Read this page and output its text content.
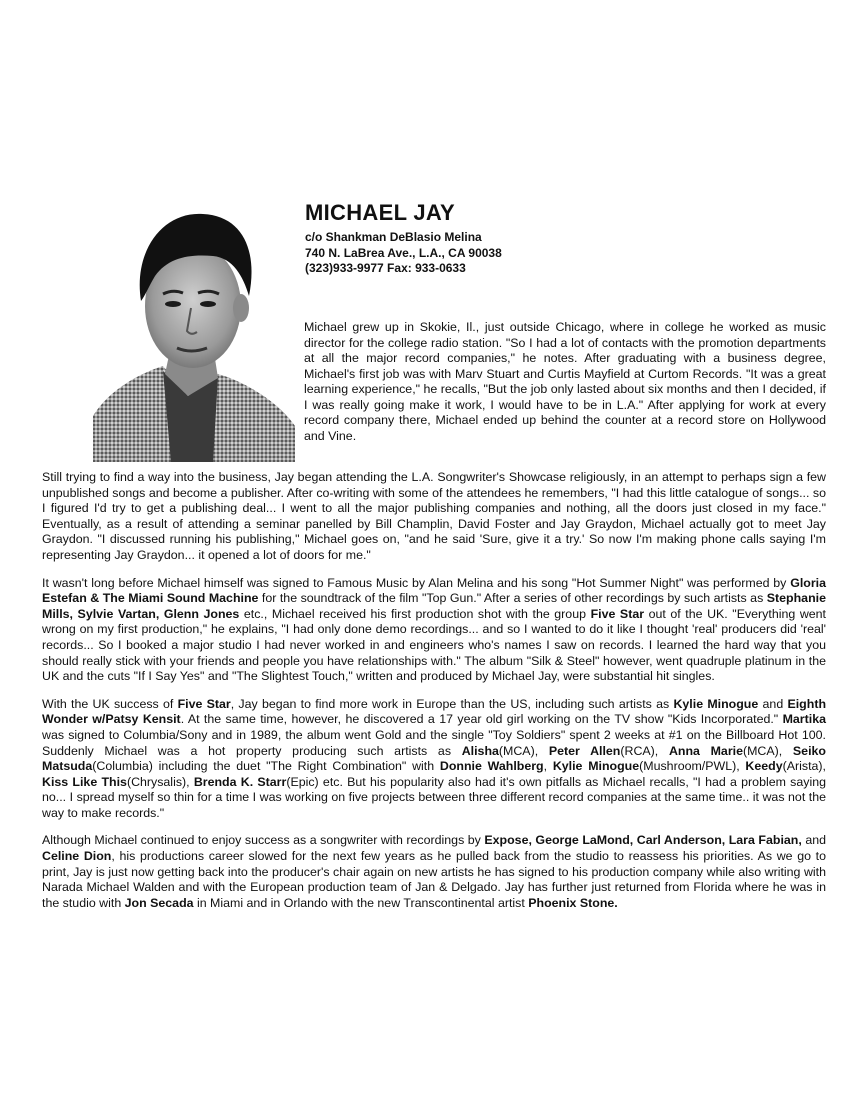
MICHAEL JAY
c/o Shankman DeBlasio Melina
740 N. LaBrea Ave., L.A., CA 90038
(323)933-9977 Fax: 933-0633
Michael grew up in Skokie, Il., just outside Chicago, where in college he worked as music director for the college radio station. "So I had a lot of contacts with the promotion departments at all the major record companies," he notes. After graduating with a business degree, Michael's first job was with Marv Stuart and Curtis Mayfield at Curtom Records. "It was a great learning experience," he recalls, "But the job only lasted about six months and then I decided, if I was really going make it work, I would have to be in L.A." After applying for work at every record company there, Michael ended up behind the counter at a record store on Hollywood and Vine.

Still trying to find a way into the business, Jay began attending the L.A. Songwriter's Showcase religiously, in an attempt to perhaps sign a few unpublished songs and become a publisher. After co-writing with some of the attendees he remembers, "I had this little catalogue of songs... so I figured I'd try to get a publishing deal... I went to all the major publishing companies and nothing, all the doors just closed in my face." Eventually, as a result of attending a seminar panelled by Bill Champlin, David Foster and Jay Graydon, Michael actually got to meet Jay Graydon. "I discussed running his publishing," Michael goes on, "and he said 'Sure, give it a try.' So now I'm making phone calls saying I'm representing Jay Graydon... it opened a lot of doors for me."

It wasn't long before Michael himself was signed to Famous Music by Alan Melina and his song "Hot Summer Night" was performed by Gloria Estefan & The Miami Sound Machine for the soundtrack of the film "Top Gun." After a series of other recordings by such artists as Stephanie Mills, Sylvie Vartan, Glenn Jones etc., Michael received his first production shot with the group Five Star out of the UK. "Everything went wrong on my first production," he explains, "I had only done demo recordings... and so I wanted to do it like I thought 'real' producers did 'real' records... So I booked a major studio I had never worked in and engineers who's names I saw on records. I learned the hard way that you should really stick with your friends and people you have relationships with." The album "Silk & Steel" however, went quadruple platinum in the UK and the cuts "If I Say Yes" and "The Slightest Touch," written and produced by Michael Jay, were substantial hit singles.

With the UK success of Five Star, Jay began to find more work in Europe than the US, including such artists as Kylie Minogue and Eighth Wonder w/Patsy Kensit. At the same time, however, he discovered a 17 year old girl working on the TV show "Kids Incorporated." Martika was signed to Columbia/Sony and in 1989, the album went Gold and the single "Toy Soldiers" spent 2 weeks at #1 on the Billboard Hot 100. Suddenly Michael was a hot property producing such artists as Alisha(MCA), Peter Allen(RCA), Anna Marie(MCA), Seiko Matsuda(Columbia) including the duet "The Right Combination" with Donnie Wahlberg, Kylie Minogue(Mushroom/PWL), Keedy(Arista), Kiss Like This(Chrysalis), Brenda K. Starr(Epic) etc. But his popularity also had it's own pitfalls as Michael recalls, "I had a problem saying no... I spread myself so thin for a time I was working on five projects between three different record companies at the same time.. it was not the way to make records."

Although Michael continued to enjoy success as a songwriter with recordings by Expose, George LaMond, Carl Anderson, Lara Fabian, and Celine Dion, his productions career slowed for the next few years as he pulled back from the studio to reassess his priorities. As we go to print, Jay is just now getting back into the producer's chair again on new artists he has signed to his production company while also writing with Narada Michael Walden and with the European production team of Jan & Delgado. Jay has further just returned from Florida where he was in the studio with Jon Secada in Miami and in Orlando with the new Transcontinental artist Phoenix Stone.
